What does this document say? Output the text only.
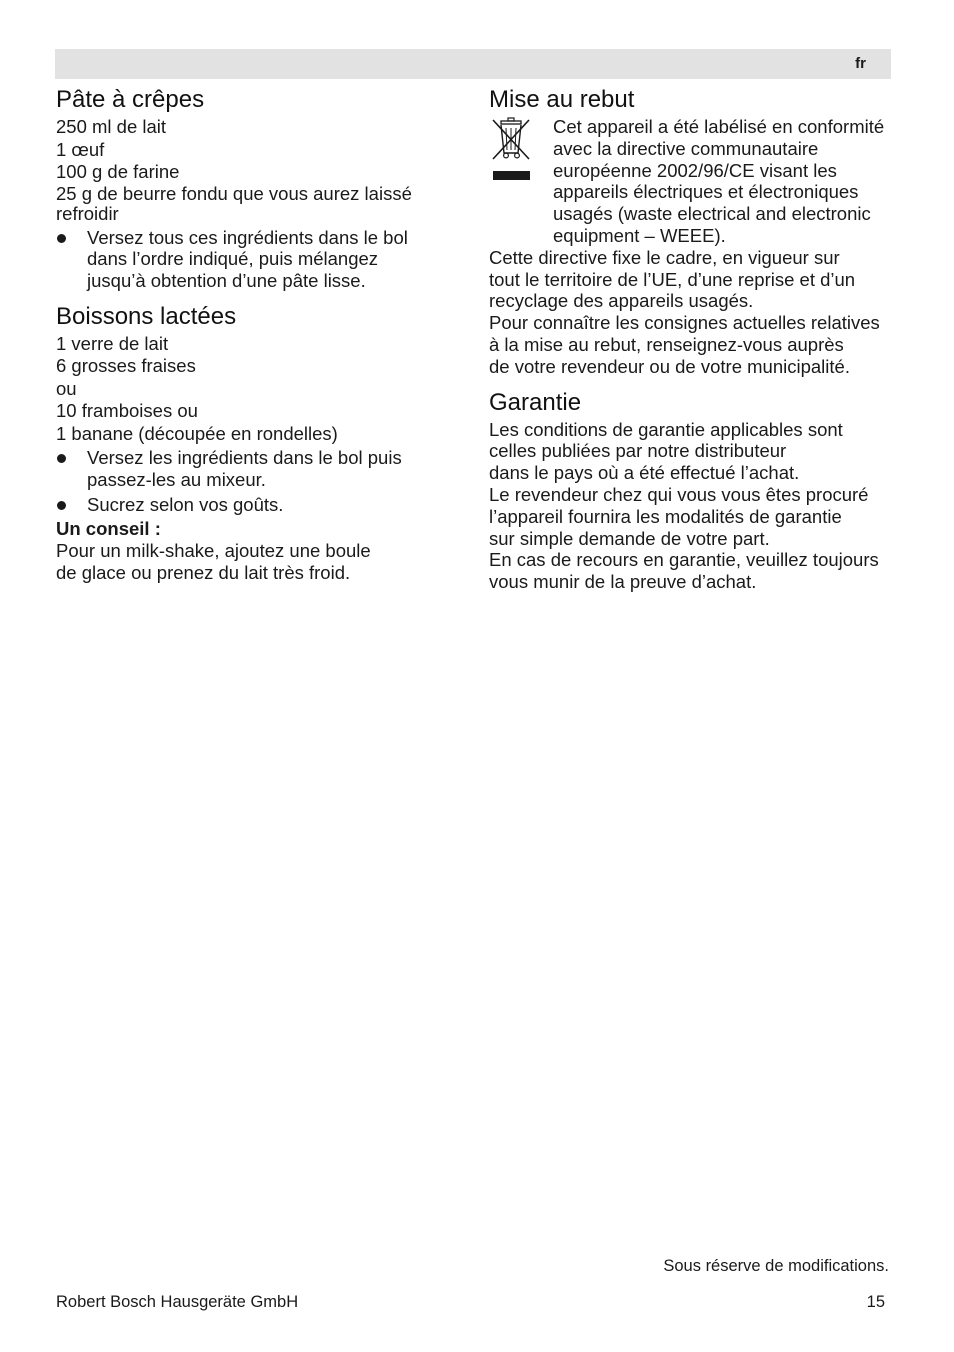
fr
Pâte à crêpes

250 ml de lait

1 œuf

100 g de farine

25 g de beurre fondu que vous aurez laissé
refroidir

Versez tous ces ingrédients dans le bol
dans l’ordre indiqué, puis mélangez
jusqu’à obtention d’une pâte lisse.
Boissons lactées

1 verre de lait

6 grosses fraises

ou

10 framboises ou

1 banane (découpée en rondelles)

Versez les ingrédients dans le bol puis
passez-les au mixeur.
Sucrez selon vos goûts.

Un conseil :

Pour un milk-shake, ajoutez une boule
de glace ou prenez du lait très froid.

Mise au rebut
Cet appareil a été labélisé en conformité
avec la directive communautaire
européenne 2002/96/CE visant les
appareils électriques et électroniques
usagés (waste electrical and electronic
equipment – WEEE).

Cette directive fixe le cadre, en vigueur sur
tout le territoire de l’UE, d’une reprise et d’un
recyclage des appareils usagés.

Pour connaître les consignes actuelles relatives
à la mise au rebut, renseignez-vous auprès
de votre revendeur ou de votre municipalité.

Garantie

Les conditions de garantie applicables sont
celles publiées par notre distributeur
dans le pays où a été effectué l’achat.

Le revendeur chez qui vous vous êtes procuré
l’appareil fournira les modalités de garantie
sur simple demande de votre part.

En cas de recours en garantie, veuillez toujours
vous munir de la preuve d’achat.

Sous réserve de modifications.
Robert Bosch Hausgeräte GmbH	15
